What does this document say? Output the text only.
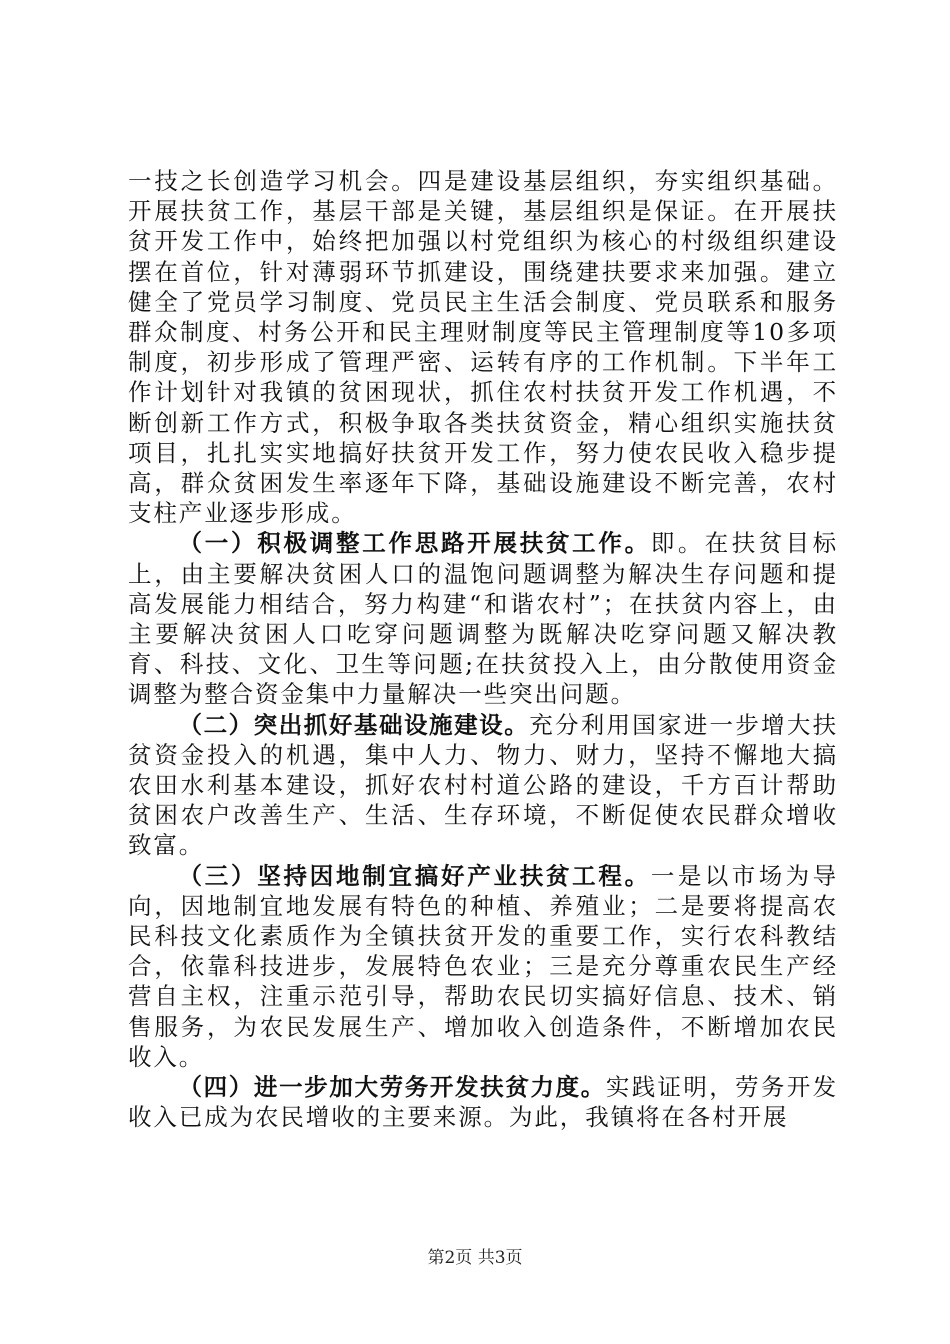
一技之长创造学习机会。四是建设基层组织，夯实组织基础。开展扶贫工作，基层干部是关键，基层组织是保证。在开展扶贫开发工作中，始终把加强以村党组织为核心的村级组织建设摆在首位，针对薄弱环节抓建设，围绕建扶要求来加强。建立健全了党员学习制度、党员民主生活会制度、党员联系和服务群众制度、村务公开和民主理财制度等民主管理制度等10多项制度，初步形成了管理严密、运转有序的工作机制。下半年工作计划针对我镇的贫困现状，抓住农村扶贫开发工作机遇，不断创新工作方式，积极争取各类扶贫资金，精心组织实施扶贫项目，扎扎实实地搞好扶贫开发工作，努力使农民收入稳步提高，群众贫困发生率逐年下降，基础设施建设不断完善，农村支柱产业逐步形成。

（一）积极调整工作思路开展扶贫工作。即。在扶贫目标上，由主要解决贫困人口的温饱问题调整为解决生存问题和提高发展能力相结合，努力构建“和谐农村”；在扶贫内容上，由主要解决贫困人口吃穿问题调整为既解决吃穿问题又解决教育、科技、文化、卫生等问题;在扶贫投入上，由分散使用资金调整为整合资金集中力量解决一些突出问题。

（二）突出抓好基础设施建设。充分利用国家进一步增大扶贫资金投入的机遇，集中人力、物力、财力，坚持不懈地大搞农田水利基本建设，抓好农村村道公路的建设，千方百计帮助贫困农户改善生产、生活、生存环境，不断促使农民群众增收致富。

（三）坚持因地制宜搞好产业扶贫工程。一是以市场为导向，因地制宜地发展有特色的种植、养殖业；二是要将提高农民科技文化素质作为全镇扶贫开发的重要工作，实行农科教结合，依靠科技进步，发展特色农业；三是充分尊重农民生产经营自主权，注重示范引导，帮助农民切实搞好信息、技术、销售服务，为农民发展生产、增加收入创造条件，不断增加农民收入。

（四）进一步加大劳务开发扶贫力度。实践证明，劳务开发收入已成为农民增收的主要来源。为此，我镇将在各村开展

第2页 共3页
